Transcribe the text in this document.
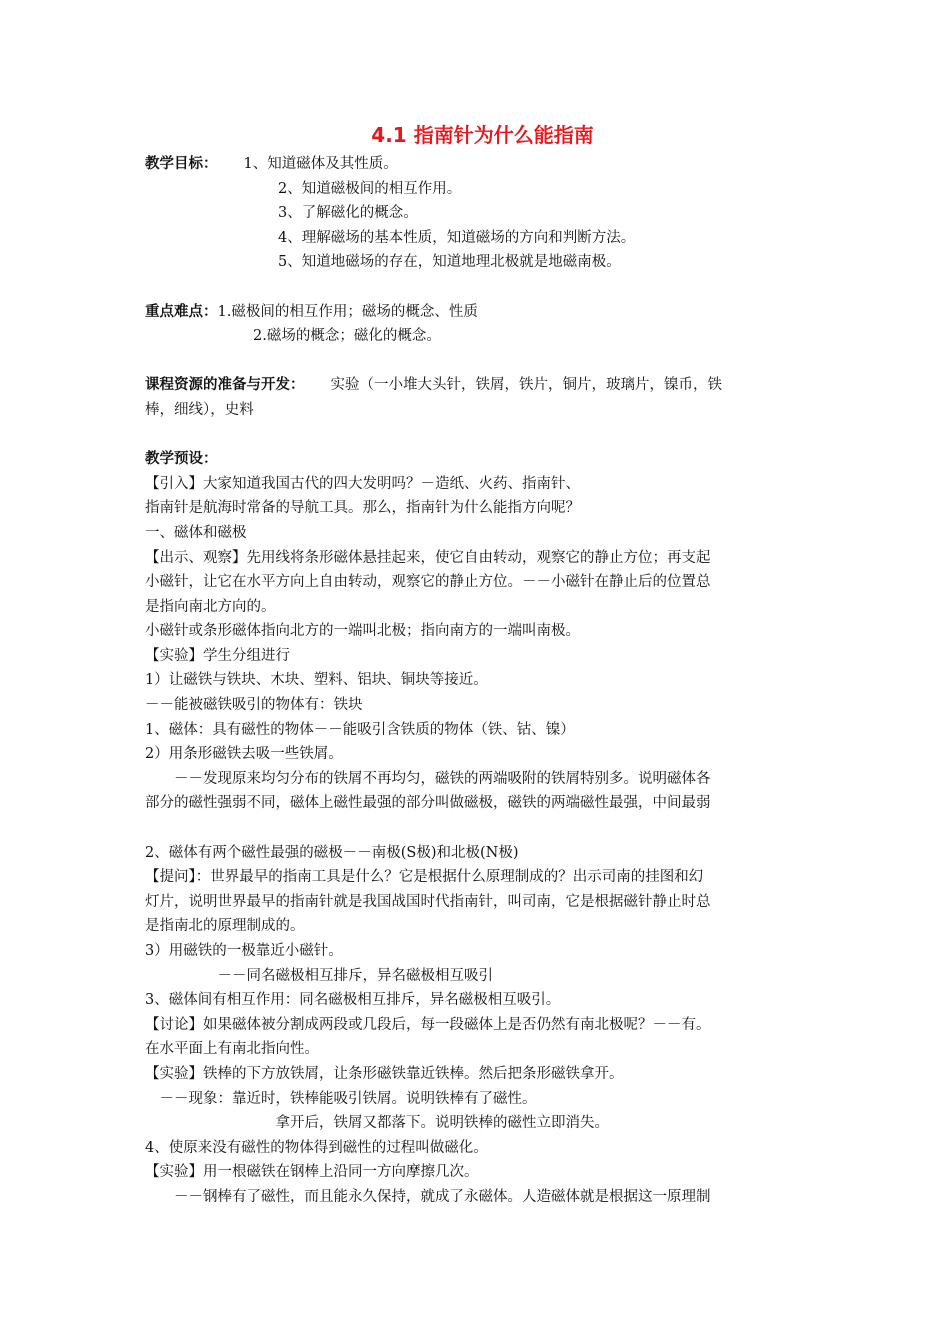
4.1 指南针为什么能指南
教学目标： 1、知道磁体及其性质。
2、知道磁极间的相互作用。
3、了解磁化的概念。
4、理解磁场的基本性质，知道磁场的方向和判断方法。
5、知道地磁场的存在，知道地理北极就是地磁南极。
重点难点：1.磁极间的相互作用；磁场的概念、性质
2.磁场的概念；磁化的概念。
课程资源的准备与开发： 实验（一小堆大头针，铁屑，铁片，铜片，玻璃片，镍币，铁
棒，细线），史料
教学预设：
【引入】大家知道我国古代的四大发明吗？－造纸、火药、指南针、
指南针是航海时常备的导航工具。那么，指南针为什么能指方向呢？
一、磁体和磁极
【出示、观察】先用线将条形磁体悬挂起来，使它自由转动，观察它的静止方位；再支起
小磁针，让它在水平方向上自由转动，观察它的静止方位。－－小磁针在静止后的位置总
是指向南北方向的。
小磁针或条形磁体指向北方的一端叫北极；指向南方的一端叫南极。
【实验】学生分组进行
1）让磁铁与铁块、木块、塑料、铝块、铜块等接近。
－－能被磁铁吸引的物体有：铁块
1、磁体：具有磁性的物体－－能吸引含铁质的物体（铁、钴、镍）
2）用条形磁铁去吸一些铁屑。
　　－－发现原来均匀分布的铁屑不再均匀，磁铁的两端吸附的铁屑特别多。说明磁体各
部分的磁性强弱不同，磁体上磁性最强的部分叫做磁极，磁铁的两端磁性最强，中间最弱
2、磁体有两个磁性最强的磁极－－南极(S极)和北极(N极)
【提问】：世界最早的指南工具是什么？它是根据什么原理制成的？出示司南的挂图和幻
灯片，说明世界最早的指南针就是我国战国时代指南针，叫司南，它是根据磁针静止时总
是指南北的原理制成的。
3）用磁铁的一极靠近小磁针。
　　　　　－－同名磁极相互排斥，异名磁极相互吸引
3、磁体间有相互作用：同名磁极相互排斥，异名磁极相互吸引。
【讨论】如果磁体被分割成两段或几段后，每一段磁体上是否仍然有南北极呢？－－有。
在水平面上有南北指向性。
【实验】铁棒的下方放铁屑，让条形磁铁靠近铁棒。然后把条形磁铁拿开。
　－－现象：靠近时，铁棒能吸引铁屑。说明铁棒有了磁性。
　　　　　　　　　拿开后，铁屑又都落下。说明铁棒的磁性立即消失。
4、使原来没有磁性的物体得到磁性的过程叫做磁化。
【实验】用一根磁铁在钢棒上沿同一方向摩擦几次。
　　－－钢棒有了磁性，而且能永久保持，就成了永磁体。人造磁体就是根据这一原理制
